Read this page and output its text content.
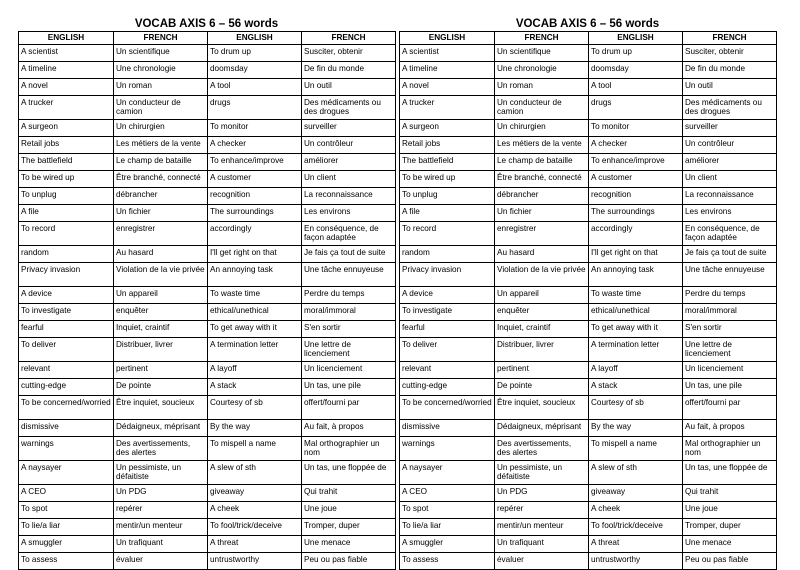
VOCAB AXIS 6 – 56 words
ENGLISH	FRENCH	ENGLISH	FRENCH
A scientist	Un scientifique	To drum up	Susciter, obtenir
A timeline	Une chronologie	doomsday	De fin du monde
A novel	Un roman	A tool	Un outil
A trucker	Un conducteur de camion	drugs	Des médicaments ou des drogues
A surgeon	Un chirurgien	To monitor	surveiller
Retail jobs	Les métiers de la vente	A checker	Un contrôleur
The battlefield	Le champ de bataille	To enhance/improve	améliorer
To be wired up	Être branché, connecté	A customer	Un client
To unplug	débrancher	recognition	La reconnaissance
A file	Un fichier	The surroundings	Les environs
To record	enregistrer	accordingly	En conséquence, de façon adaptée
random	Au hasard	I'll get right on that	Je fais ça tout de suite
Privacy invasion	Violation de la vie privée	An annoying task	Une tâche ennuyeuse
A device	Un appareil	To waste time	Perdre du temps
To investigate	enquêter	ethical/unethical	moral/immoral
fearful	Inquiet, craintif	To get away with it	S'en sortir
To deliver	Distribuer, livrer	A termination letter	Une lettre de licenciement
relevant	pertinent	A layoff	Un licenciement
cutting-edge	De pointe	A stack	Un tas, une pile
To be concerned/worried	Être inquiet, soucieux	Courtesy of sb	offert/fourni par
dismissive	Dédaigneux, méprisant	By the way	Au fait, à propos
warnings	Des avertissements, des alertes	To mispell a name	Mal orthographier un nom
A naysayer	Un pessimiste, un défaitiste	A slew of sth	Un tas, une floppée de
A CEO	Un PDG	giveaway	Qui trahit
To spot	repérer	A cheek	Une joue
To lie/a liar	mentir/un menteur	To fool/trick/deceive	Tromper, duper
A smuggler	Un trafiquant	A threat	Une menace
To assess	évaluer	untrustworthy	Peu ou pas fiable
VOCAB AXIS 6 – 56 words
ENGLISH	FRENCH	ENGLISH	FRENCH
A scientist	Un scientifique	To drum up	Susciter, obtenir
A timeline	Une chronologie	doomsday	De fin du monde
A novel	Un roman	A tool	Un outil
A trucker	Un conducteur de camion	drugs	Des médicaments ou des drogues
A surgeon	Un chirurgien	To monitor	surveiller
Retail jobs	Les métiers de la vente	A checker	Un contrôleur
The battlefield	Le champ de bataille	To enhance/improve	améliorer
To be wired up	Être branché, connecté	A customer	Un client
To unplug	débrancher	recognition	La reconnaissance
A file	Un fichier	The surroundings	Les environs
To record	enregistrer	accordingly	En conséquence, de façon adaptée
random	Au hasard	I'll get right on that	Je fais ça tout de suite
Privacy invasion	Violation de la vie privée	An annoying task	Une tâche ennuyeuse
A device	Un appareil	To waste time	Perdre du temps
To investigate	enquêter	ethical/unethical	moral/immoral
fearful	Inquiet, craintif	To get away with it	S'en sortir
To deliver	Distribuer, livrer	A termination letter	Une lettre de licenciement
relevant	pertinent	A layoff	Un licenciement
cutting-edge	De pointe	A stack	Un tas, une pile
To be concerned/worried	Être inquiet, soucieux	Courtesy of sb	offert/fourni par
dismissive	Dédaigneux, méprisant	By the way	Au fait, à propos
warnings	Des avertissements, des alertes	To mispell a name	Mal orthographier un nom
A naysayer	Un pessimiste, un défaitiste	A slew of sth	Un tas, une floppée de
A CEO	Un PDG	giveaway	Qui trahit
To spot	repérer	A cheek	Une joue
To lie/a liar	mentir/un menteur	To fool/trick/deceive	Tromper, duper
A smuggler	Un trafiquant	A threat	Une menace
To assess	évaluer	untrustworthy	Peu ou pas fiable
